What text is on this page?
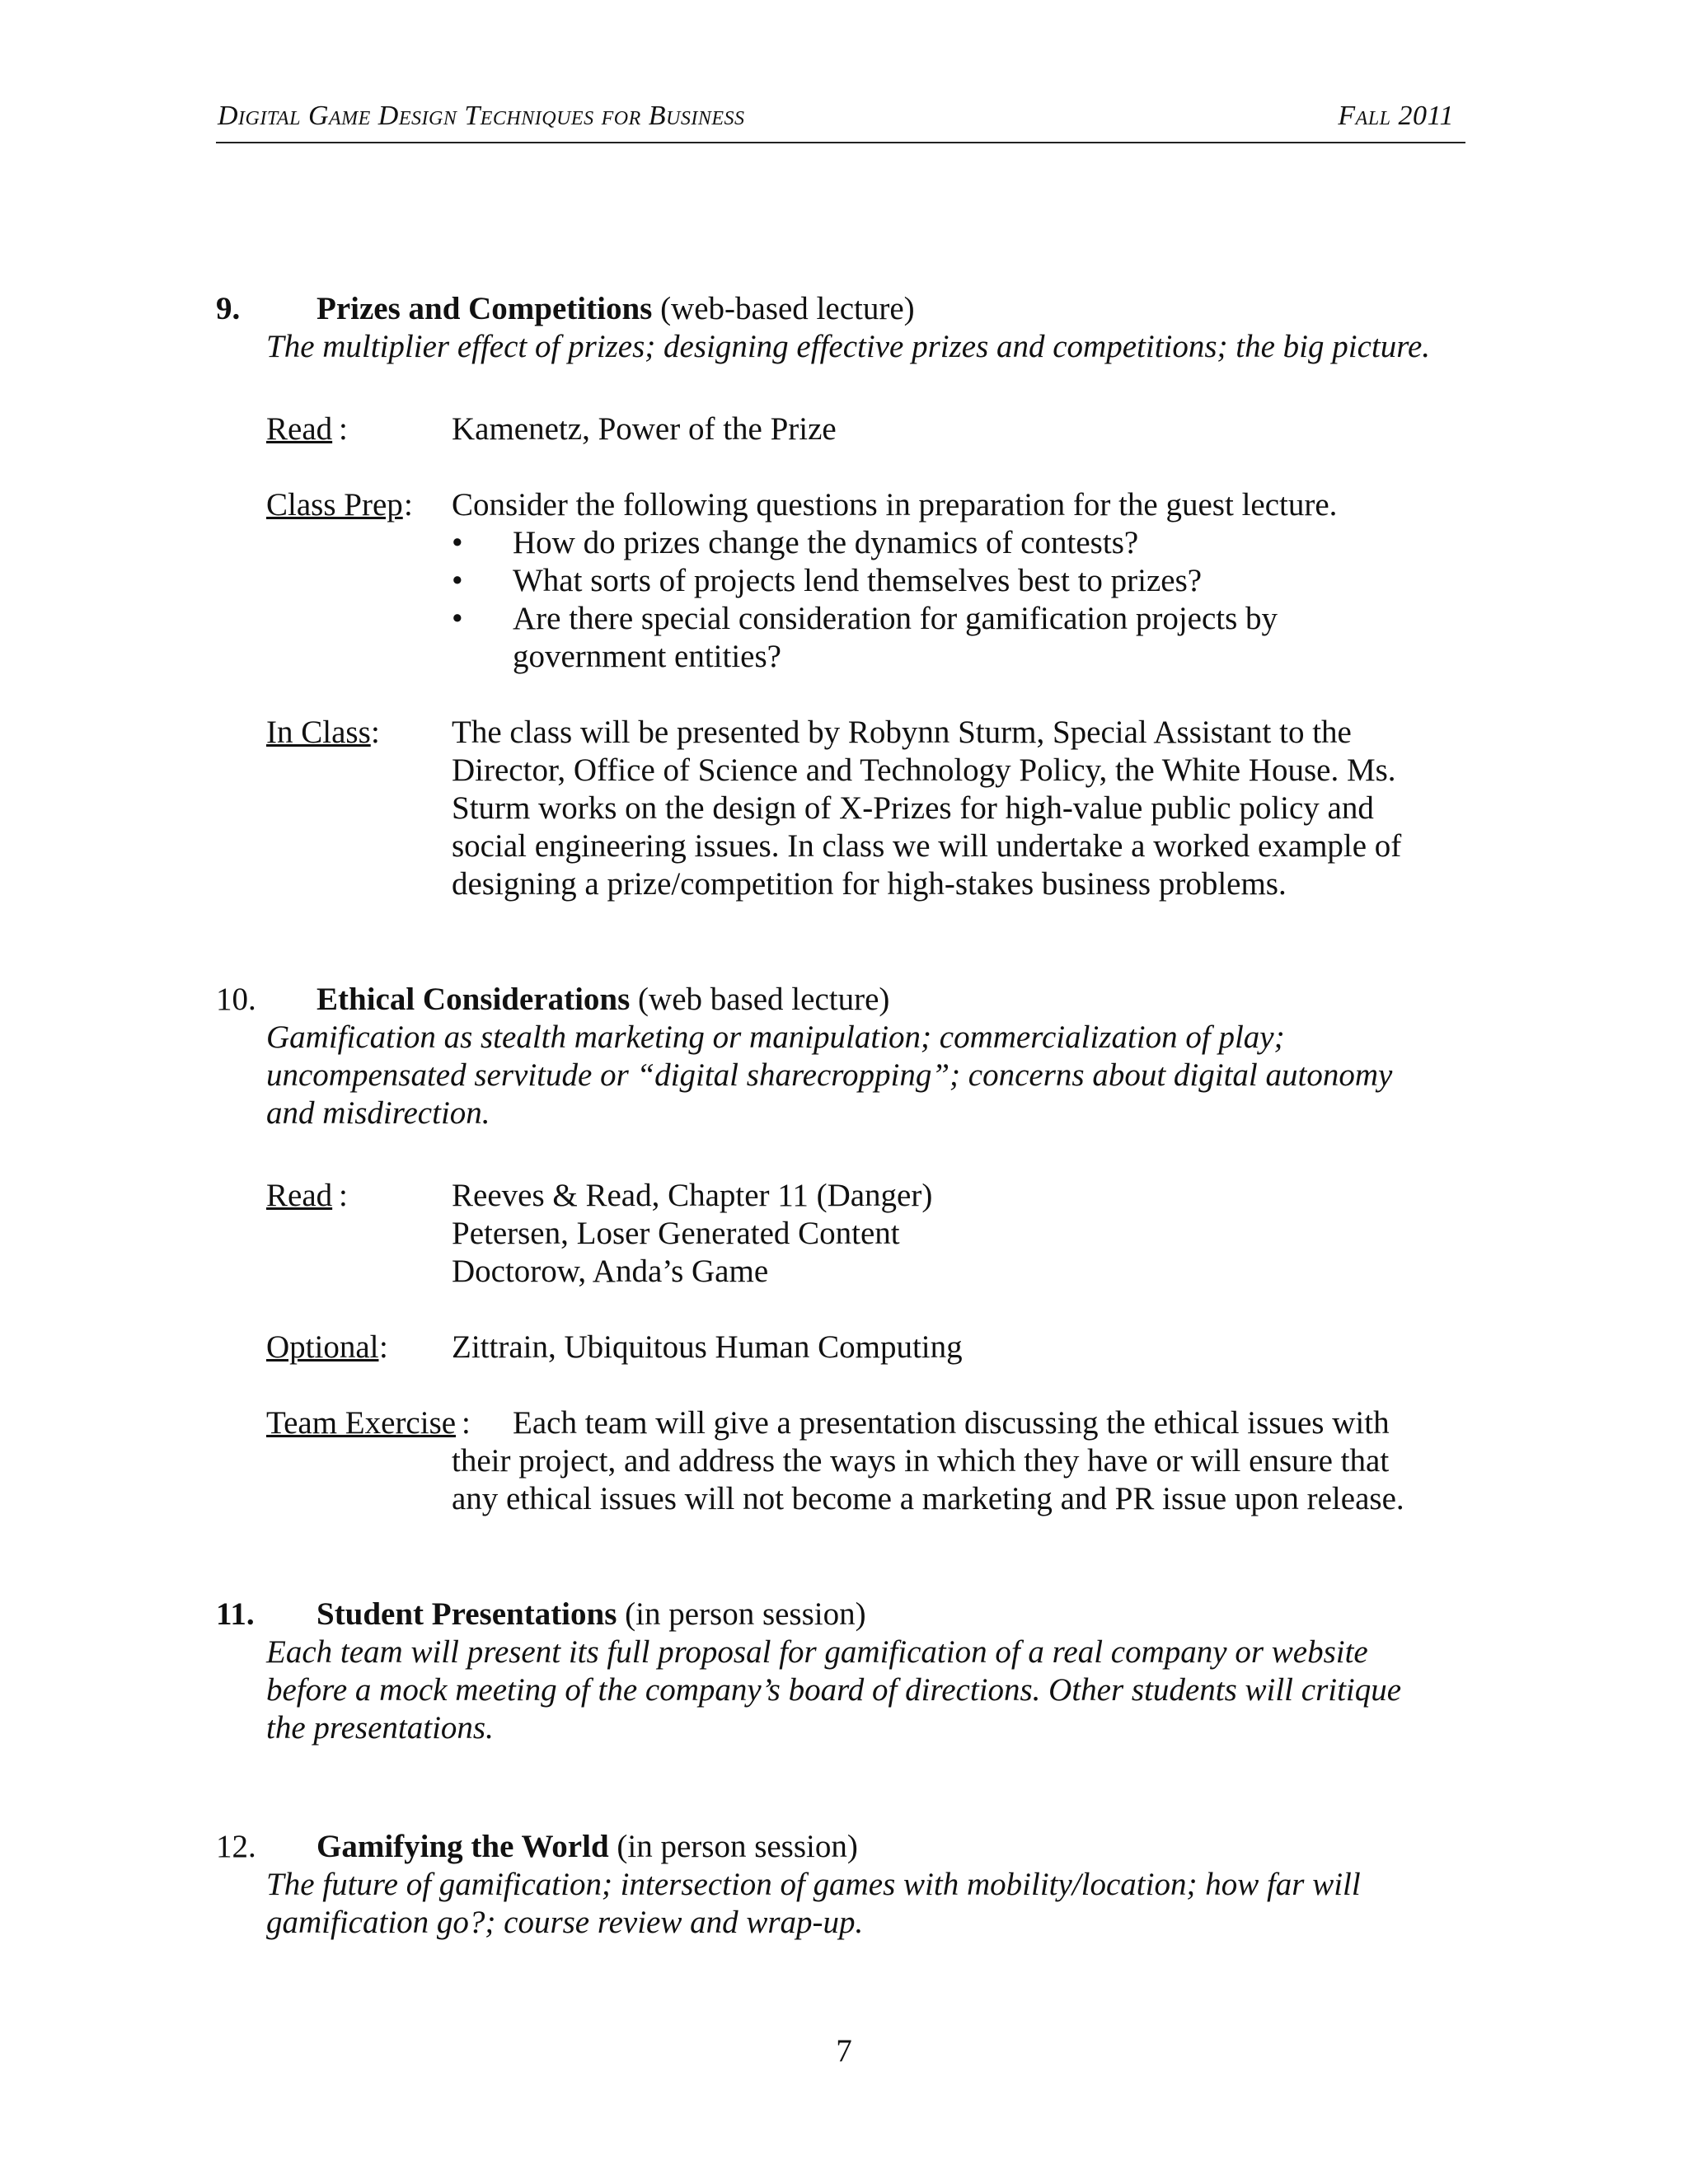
Digital Game Design Techniques for Business	Fall 2011
9. Prizes and Competitions (web-based lecture)
The multiplier effect of prizes; designing effective prizes and competitions; the big picture.
Read :	Kamenetz, Power of the Prize
Class Prep : Consider the following questions in preparation for the guest lecture.
• How do prizes change the dynamics of contests?
• What sorts of projects lend themselves best to prizes?
• Are there special consideration for gamification projects by
government entities?
In Class : The class will be presented by Robynn Sturm, Special Assistant to the
Director, Office of Science and Technology Policy, the White House. Ms.
Sturm works on the design of X-Prizes for high-value public policy and
social engineering issues. In class we will undertake a worked example of
designing a prize/competition for high-stakes business problems.
10. Ethical Considerations (web based lecture)
Gamification as stealth marketing or manipulation; commercialization of play;
uncompensated servitude or “digital sharecropping”; concerns about digital autonomy
and misdirection.
Read :	Reeves & Read, Chapter 11 (Danger)
Petersen, Loser Generated Content
Doctorow, Anda’s Game
Optional : Zittrain, Ubiquitous Human Computing
Team Exercise : Each team will give a presentation discussing the ethical issues with
their project, and address the ways in which they have or will ensure that
any ethical issues will not become a marketing and PR issue upon release.
11. Student Presentations (in person session)
Each team will present its full proposal for gamification of a real company or website
before a mock meeting of the company’s board of directions. Other students will critique
the presentations.
12. Gamifying the World (in person session)
The future of gamification; intersection of games with mobility/location; how far will
gamification go?; course review and wrap-up.
7
